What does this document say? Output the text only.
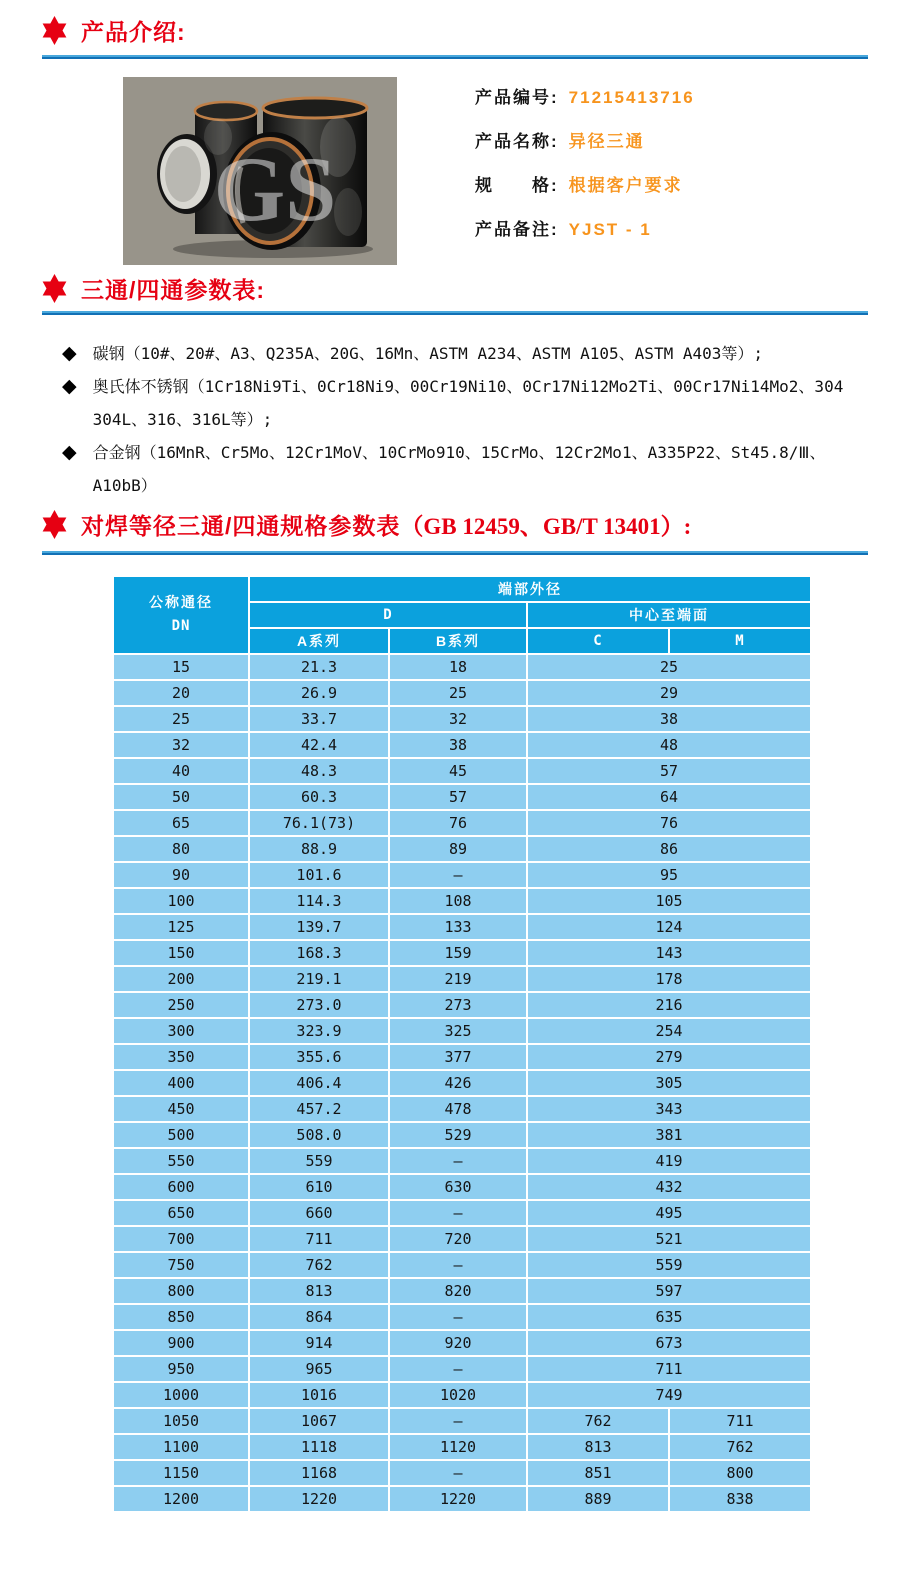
产品介绍:
GS
产品编号: 71215413716
产品名称: 异径三通
规　　格: 根据客户要求
产品备注: YJST - 1
三通/四通参数表:
◆ 碳钢（10#、20#、A3、Q235A、20G、16Mn、ASTM A234、ASTM A105、ASTM A403等）;
◆ 奥氏体不锈钢（1Cr18Ni9Ti、0Cr18Ni9、00Cr19Ni10、0Cr17Ni12Mo2Ti、00Cr17Ni14Mo2、304
304L、316、316L等）;
◆ 合金钢（16MnR、Cr5Mo、12Cr1MoV、10CrMo910、15CrMo、12Cr2Mo1、A335P22、St45.8/Ⅲ、
A10bB）
对焊等径三通/四通规格参数表（GB 12459、GB/T 13401）:
公称通径
DN	端部外径			
	D		中心至端面	
	A系列	B系列	C	M
15	21.3	18	25	
20	26.9	25	29	
25	33.7	32	38	
32	42.4	38	48	
40	48.3	45	57	
50	60.3	57	64	
65	76.1(73)	76	76	
80	88.9	89	86	
90	101.6	—	95	
100	114.3	108	105	
125	139.7	133	124	
150	168.3	159	143	
200	219.1	219	178	
250	273.0	273	216	
300	323.9	325	254	
350	355.6	377	279	
400	406.4	426	305	
450	457.2	478	343	
500	508.0	529	381	
550	559	—	419	
600	610	630	432	
650	660	—	495	
700	711	720	521	
750	762	—	559	
800	813	820	597	
850	864	—	635	
900	914	920	673	
950	965	—	711	
1000	1016	1020	749	
1050	1067	—	762	711
1100	1118	1120	813	762
1150	1168	—	851	800
1200	1220	1220	889	838
